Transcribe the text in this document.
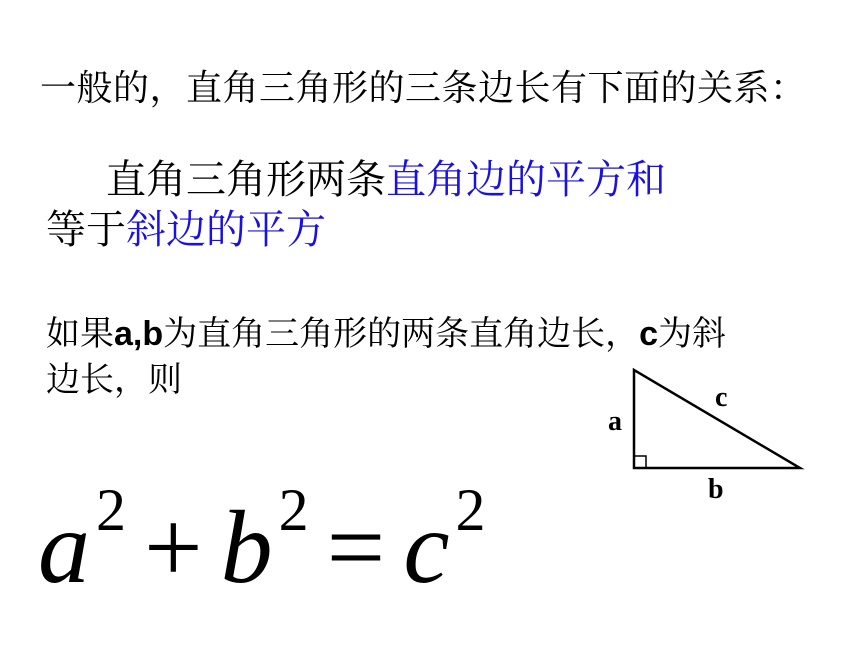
一般的，直角三角形的三条边长有下面的关系：
直角三角形两条直角边的平方和
等于斜边的平方
如果a,b为直角三角形的两条直角边长，c为斜
边长，则
a
c
b
a $^2$ + b $^2$ = c $^2$
